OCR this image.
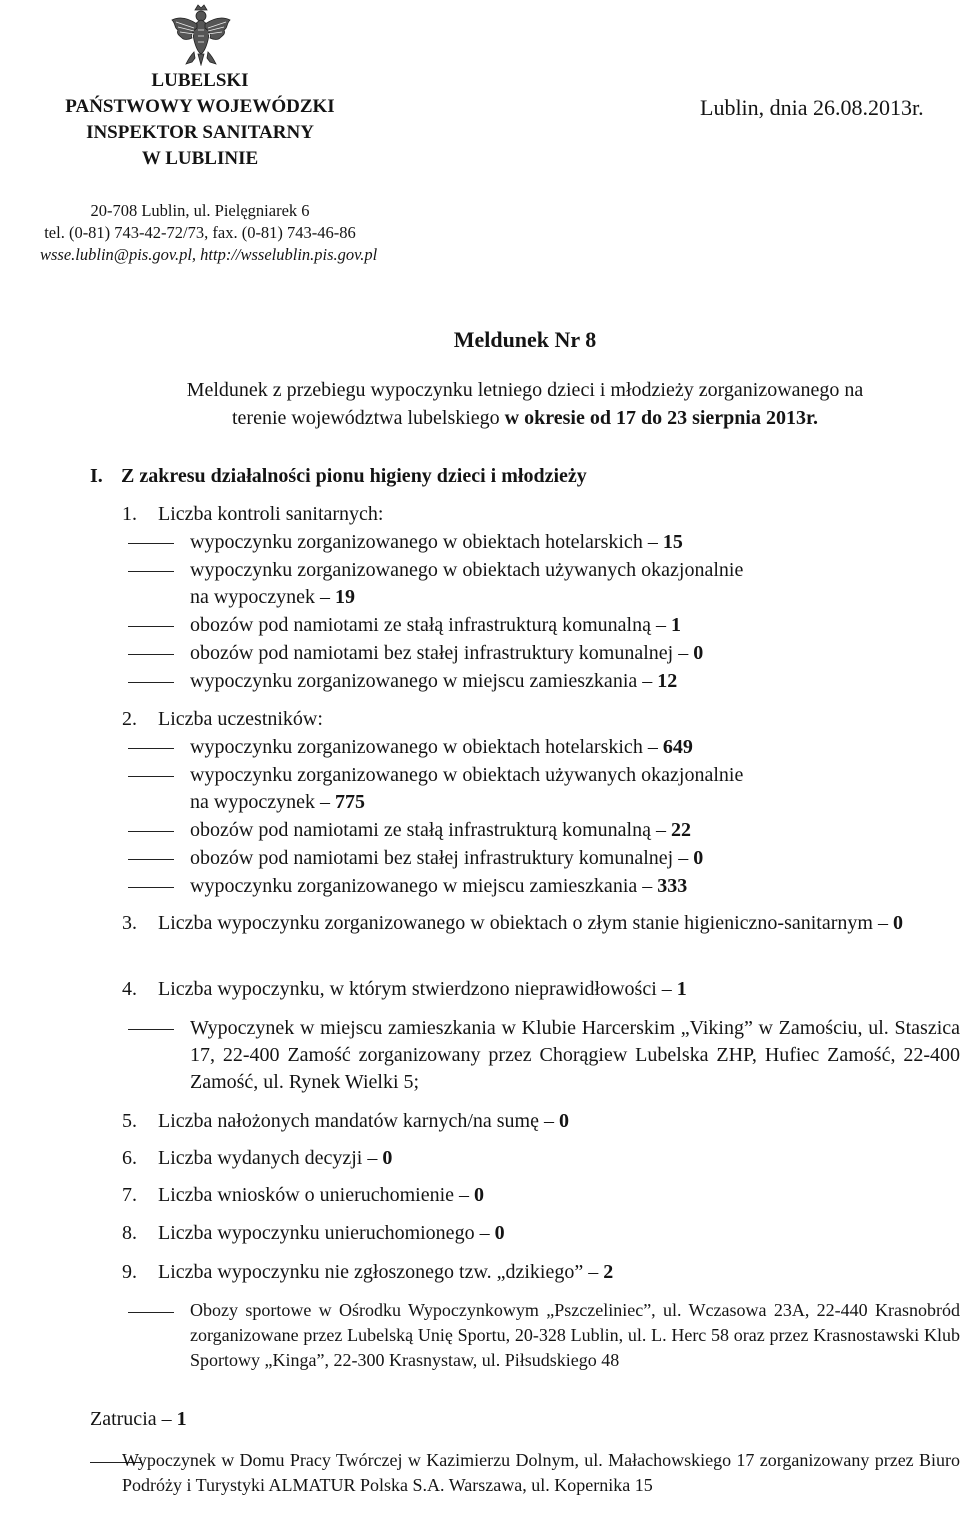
LUBELSKI
PAŃSTWOWY WOJEWÓDZKI
INSPEKTOR SANITARNY
W LUBLINIE
Lublin, dnia 26.08.2013r.
20-708 Lublin, ul. Pielęgniarek 6
tel. (0-81) 743-42-72/73, fax. (0-81) 743-46-86
wsse.lublin@pis.gov.pl, http://wsselublin.pis.gov.pl
Meldunek Nr 8
Meldunek z przebiegu wypoczynku letniego dzieci i młodzieży zorganizowanego na
terenie województwa lubelskiego w okresie od 17 do 23 sierpnia 2013r.
I. Z zakresu działalności pionu higieny dzieci i młodzieży
1.	Liczba kontroli sanitarnych:
wypoczynku zorganizowanego w obiektach hotelarskich – 15
wypoczynku zorganizowanego w obiektach używanych okazjonalnie
na wypoczynek – 19
obozów pod namiotami ze stałą infrastrukturą komunalną – 1
obozów pod namiotami bez stałej infrastruktury komunalnej – 0
wypoczynku zorganizowanego w miejscu zamieszkania – 12
2.	Liczba uczestników:
wypoczynku zorganizowanego w obiektach hotelarskich – 649
wypoczynku zorganizowanego w obiektach używanych okazjonalnie
na wypoczynek – 775
obozów pod namiotami ze stałą infrastrukturą komunalną – 22
obozów pod namiotami bez stałej infrastruktury komunalnej – 0
wypoczynku zorganizowanego w miejscu zamieszkania – 333
3.	Liczba wypoczynku zorganizowanego w obiektach o złym stanie higieniczno-sanitarnym – 0
4.	Liczba wypoczynku, w którym stwierdzono nieprawidłowości – 1
Wypoczynek w miejscu zamieszkania w Klubie Harcerskim „Viking” w Zamościu, ul. Staszica 17, 22-400 Zamość zorganizowany przez Chorągiew Lubelska ZHP, Hufiec Zamość, 22-400 Zamość, ul. Rynek Wielki 5;
5.	Liczba nałożonych mandatów karnych/na sumę – 0
6.	Liczba wydanych decyzji – 0
7.	Liczba wniosków o unieruchomienie – 0
8.	Liczba wypoczynku unieruchomionego – 0
9.	Liczba wypoczynku nie zgłoszonego tzw. „dzikiego” – 2
Obozy sportowe w Ośrodku Wypoczynkowym „Pszczeliniec”, ul. Wczasowa 23A, 22-440 Krasnobród zorganizowane przez Lubelską Unię Sportu, 20-328 Lublin, ul. L. Herc 58 oraz przez Krasnostawski Klub Sportowy „Kinga”, 22-300 Krasnystaw, ul. Piłsudskiego 48
Zatrucia – 1
Wypoczynek w Domu Pracy Twórczej w Kazimierzu Dolnym, ul. Małachowskiego 17 zorganizowany przez Biuro Podróży i Turystyki ALMATUR Polska S.A. Warszawa, ul. Kopernika 15
